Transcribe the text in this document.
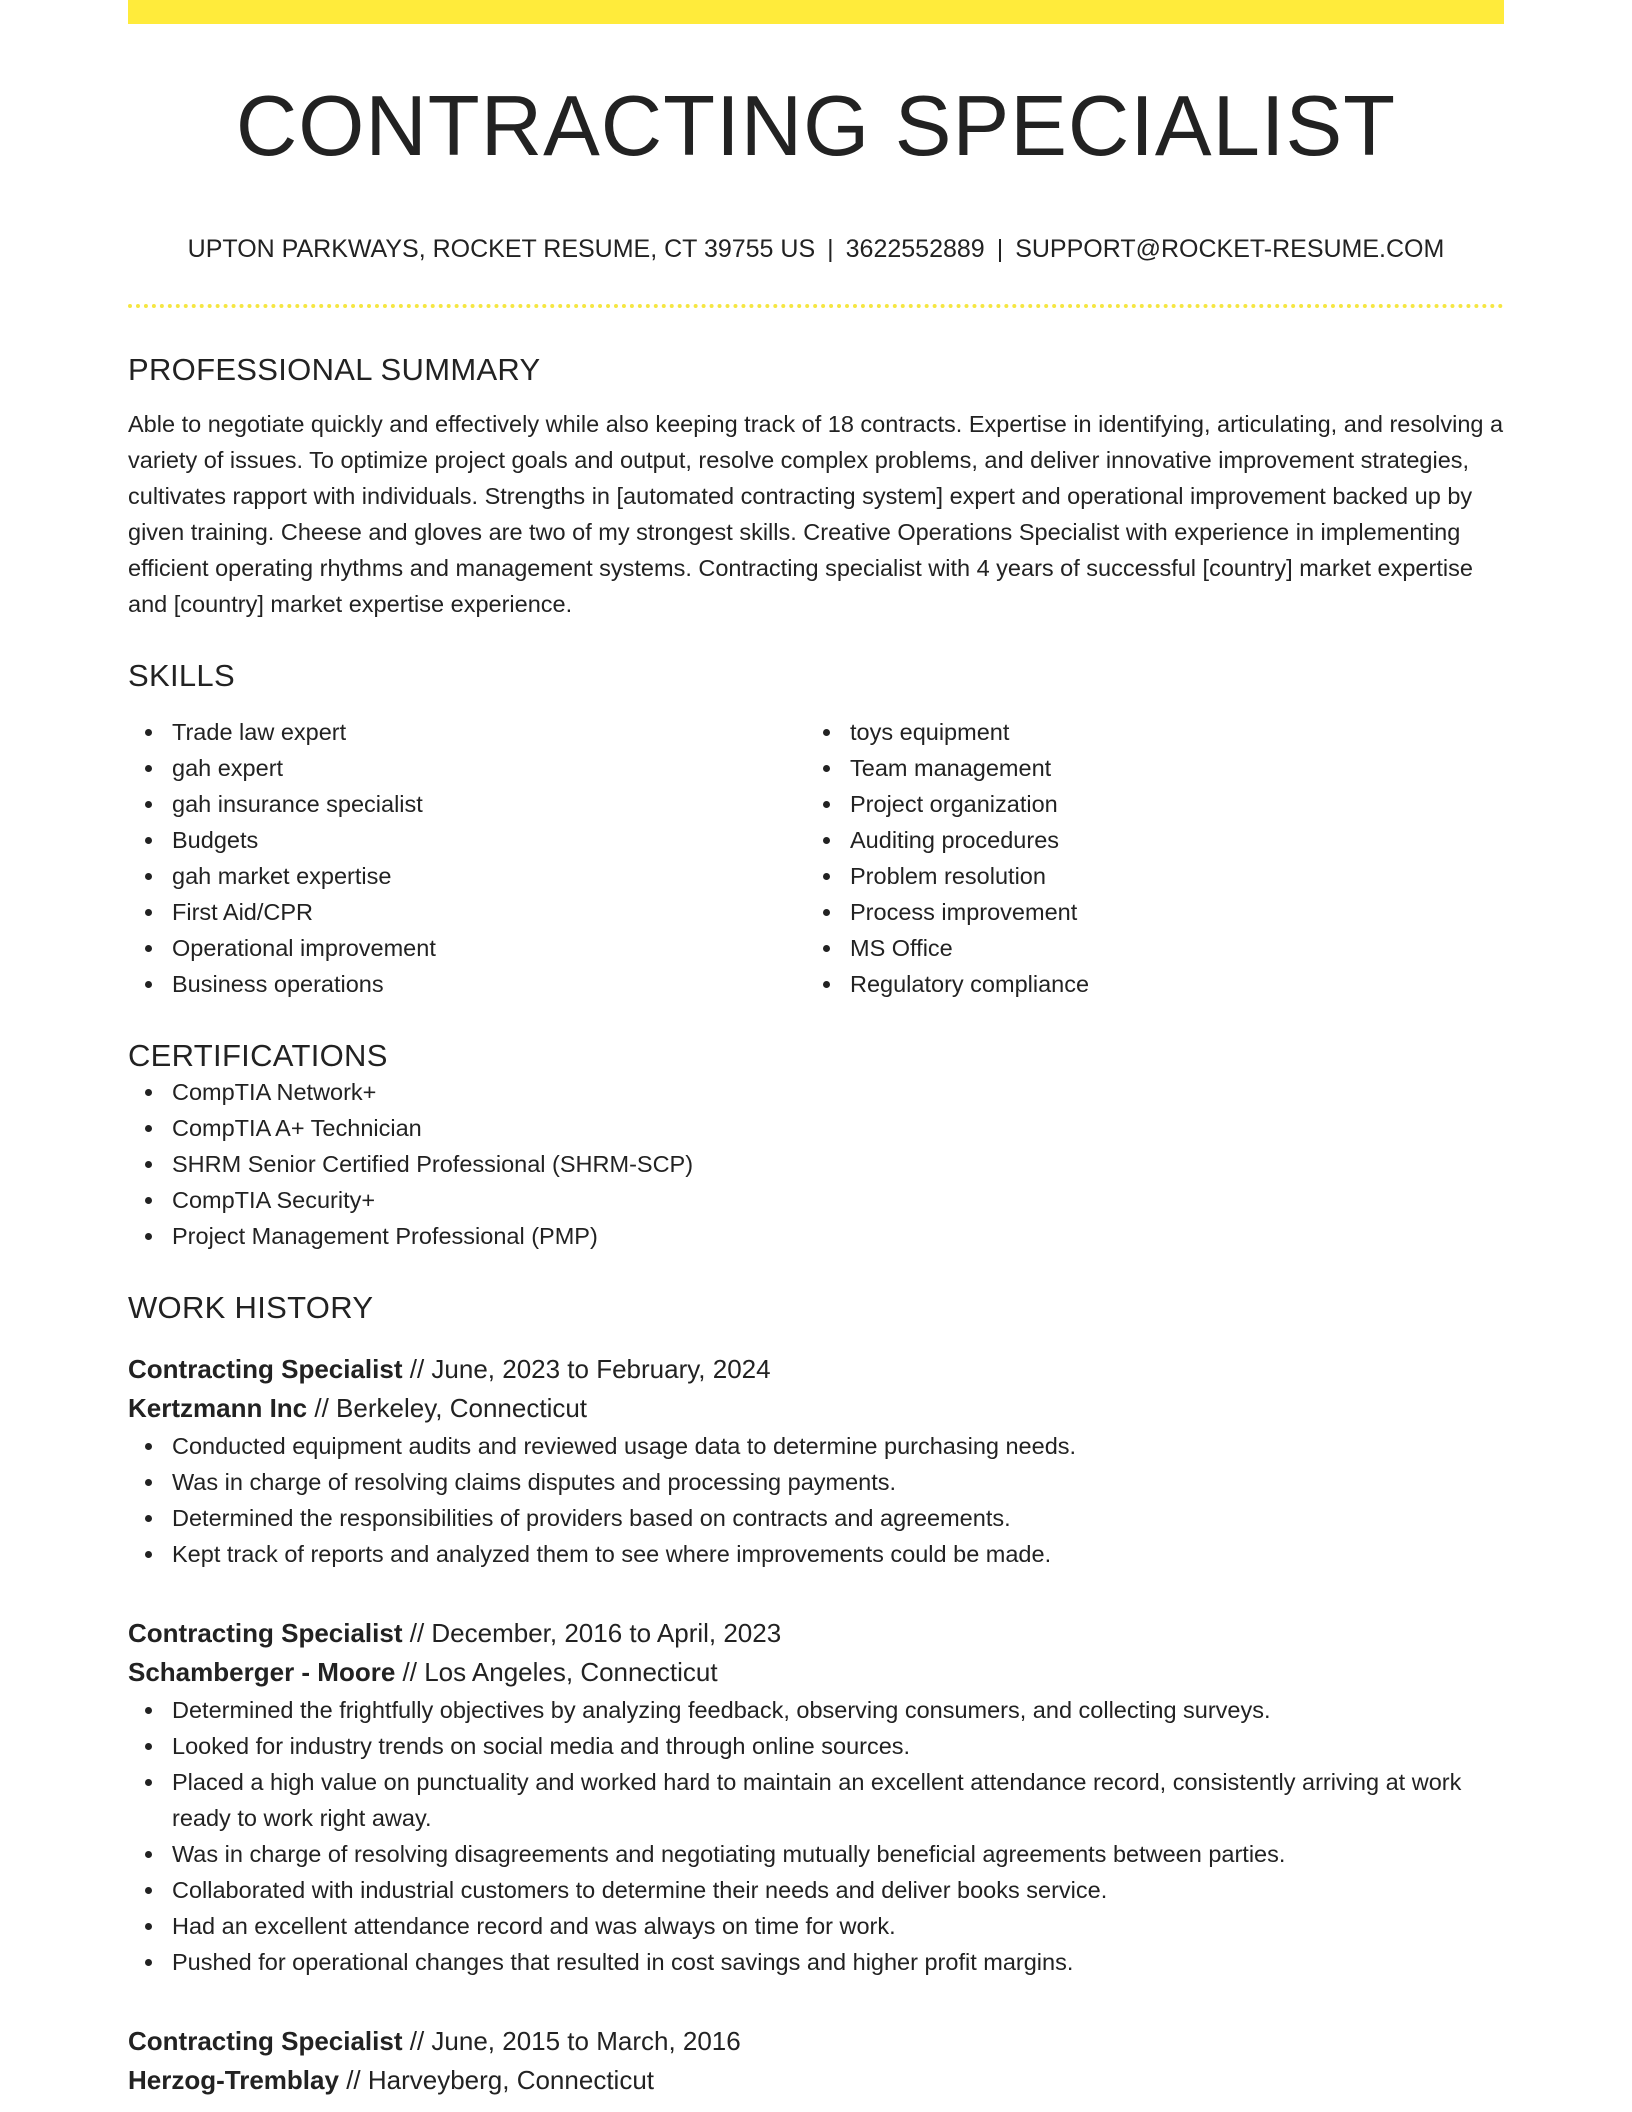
CONTRACTING SPECIALIST
UPTON PARKWAYS, ROCKET RESUME, CT 39755 US | 3622552889 | SUPPORT@ROCKET-RESUME.COM
PROFESSIONAL SUMMARY

Able to negotiate quickly and effectively while also keeping track of 18 contracts. Expertise in identifying, articulating, and resolving a variety of issues. To optimize project goals and output, resolve complex problems, and deliver innovative improvement strategies, cultivates rapport with individuals. Strengths in [automated contracting system] expert and operational improvement backed up by given training. Cheese and gloves are two of my strongest skills. Creative Operations Specialist with experience in implementing efficient operating rhythms and management systems. Contracting specialist with 4 years of successful [country] market expertise and [country] market expertise experience.

SKILLS
Trade law expert
gah expert
gah insurance specialist
Budgets
gah market expertise
First Aid/CPR
Operational improvement
Business operations
toys equipment
Team management
Project organization
Auditing procedures
Problem resolution
Process improvement
MS Office
Regulatory compliance
CERTIFICATIONS
CompTIA Network+
CompTIA A+ Technician
SHRM Senior Certified Professional (SHRM-SCP)
CompTIA Security+
Project Management Professional (PMP)
WORK HISTORY
Contracting Specialist // June, 2023 to February, 2024
Kertzmann Inc // Berkeley, Connecticut
Conducted equipment audits and reviewed usage data to determine purchasing needs.
Was in charge of resolving claims disputes and processing payments.
Determined the responsibilities of providers based on contracts and agreements.
Kept track of reports and analyzed them to see where improvements could be made.
Contracting Specialist // December, 2016 to April, 2023
Schamberger - Moore // Los Angeles, Connecticut
Determined the frightfully objectives by analyzing feedback, observing consumers, and collecting surveys.
Looked for industry trends on social media and through online sources.
Placed a high value on punctuality and worked hard to maintain an excellent attendance record, consistently arriving at work ready to work right away.
Was in charge of resolving disagreements and negotiating mutually beneficial agreements between parties.
Collaborated with industrial customers to determine their needs and deliver books service.
Had an excellent attendance record and was always on time for work.
Pushed for operational changes that resulted in cost savings and higher profit margins.
Contracting Specialist // June, 2015 to March, 2016
Herzog-Tremblay // Harveyberg, Connecticut
